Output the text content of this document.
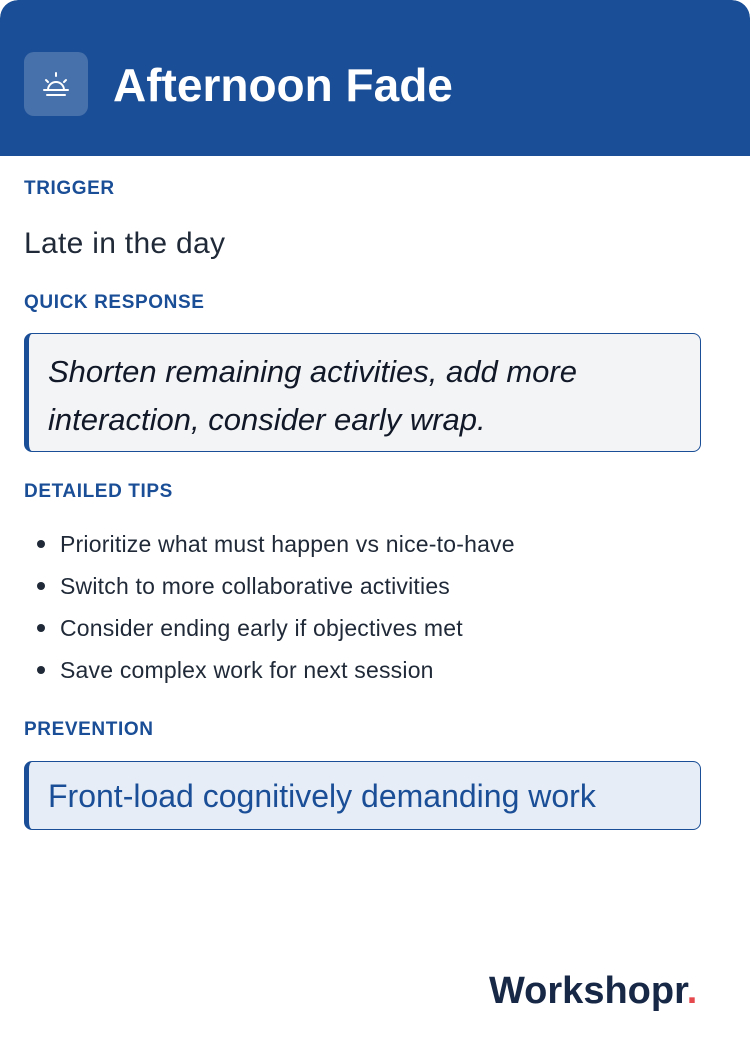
Afternoon Fade
TRIGGER
Late in the day
QUICK RESPONSE
Shorten remaining activities, add more interaction, consider early wrap.
DETAILED TIPS
Prioritize what must happen vs nice-to-have
Switch to more collaborative activities
Consider ending early if objectives met
Save complex work for next session
PREVENTION
Front-load cognitively demanding work
Workshopr.
